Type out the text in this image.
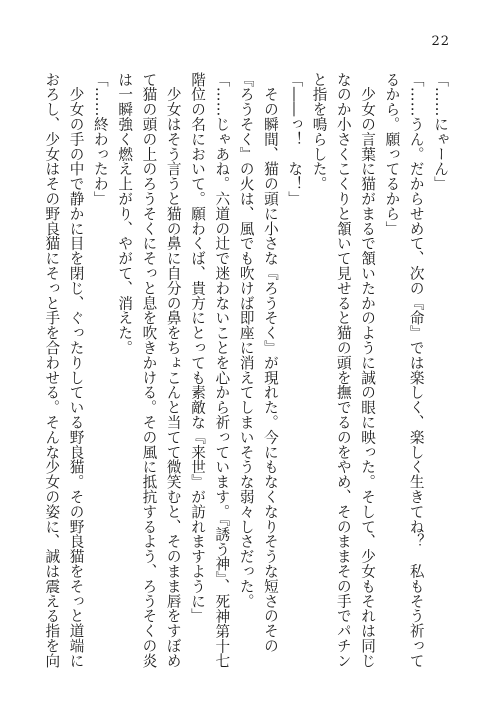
22
「……にゃーん」
「……うん。だからせめて、次の『命』では楽しく、楽しく生きてね？　私もそう祈って
るから。願ってるから」
　少女の言葉に猫がまるで頷いたかのように誠の眼に映った。そして、少女もそれは同じ
なのか小さくこくりと頷いて見せると猫の頭を撫でるのをやめ、そのままその手でパチン
と指を鳴らした。
「――っ！　な！」
　その瞬間、猫の頭に小さな『ろうそく』が現れた。今にもなくなりそうな短さのその
『ろうそく』の火は、風でも吹けば即座に消えてしまいそうな弱々しさだった。
「……じゃあね。六道の辻で迷わないことを心から祈っています。『誘う神』、死神第十七
階位の名において。願わくば、貴方にとっても素敵な『来世』が訪れますように」
　少女はそう言うと猫の鼻に自分の鼻をちょこんと当てて微笑むと、そのまま唇をすぼめ
て猫の頭の上のろうそくにそっと息を吹きかける。その風に抵抗するよう、ろうそくの炎
は一瞬強く燃え上がり、やがて、消えた。
「……終わったわ」
　少女の手の中で静かに目を閉じ、ぐったりしている野良猫。その野良猫をそっと道端に
おろし、少女はその野良猫にそっと手を合わせる。そんな少女の姿に、誠は震える指を向
